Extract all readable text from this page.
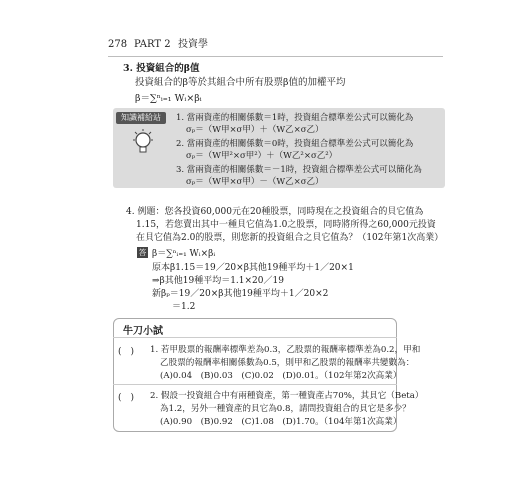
278 PART 2 投資學
3. 投資組合的β值
投資組合的β等於其組合中所有股票β值的加權平均
β＝∑ⁿᵢ₌₁ Wᵢ×βᵢ
知識補給站	1. 當兩資產的相關係數＝1時，投資組合標準差公式可以簡化為
σₚ＝（W甲×σ甲）＋（W乙×σ乙）
2. 當兩資產的相關係數＝0時，投資組合標準差公式可以簡化為
σₚ＝（W甲²×σ甲²）＋（W乙²×σ乙²）
3. 當兩資產的相關係數＝－1時，投資組合標準差公式可以簡化為
σₚ＝（W甲×σ甲）－（W乙×σ乙）
4. 例題：您各投資60,000元在20種股票，同時現在之投資組合的貝它值為
1.15，若您賣出其中一種貝它值為1.0之股票，同時將所得之60,000元投資
在貝它值為2.0的股票，則您新的投資組合之貝它值為？（102年第1次高業）
答 β＝∑ⁿᵢ₌₁ Wᵢ×βᵢ
原本β1.15＝19／20×β其他19種平均＋1／20×1
⇒β其他19種平均＝1.1×20／19
新βₚ＝19／20×β其他19種平均＋1／20×2
＝1.2
牛刀小試
(　) 1. 若甲股票的報酬率標準差為0.3，乙股票的報酬率標準差為0.2，甲和
乙股票的報酬率相關係數為0.5，則甲和乙股票的報酬率共變數為：
(A)0.04　(B)0.03　(C)0.02　(D)0.01。（102年第2次高業）
(　) 2. 假設一投資組合中有兩種資產，第一種資產占70%，其貝它（Beta）
為1.2，另外一種資產的貝它為0.8，請問投資組合的貝它是多少？
(A)0.90　(B)0.92　(C)1.08　(D)1.70。（104年第1次高業）
